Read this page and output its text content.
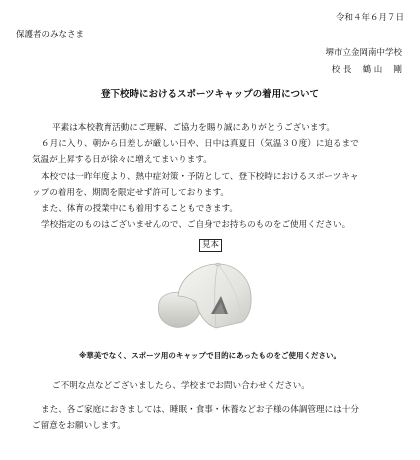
令和４年６月７日
保護者のみなさま
堺市立金岡南中学校
校 長　 鶴 山　 剛
登下校時におけるスポーツキャップの着用について
平素は本校教育活動にご理解、ご協力を賜り誠にありがとうございます。
６月に入り、朝から日差しが厳しい日や、日中は真夏日（気温３０度）に迫るまで
気温が上昇する日が徐々に増えてまいります。
本校では一昨年度より、熱中症対策・予防として、登下校時におけるスポーツキャ
ップの着用を、期間を限定せず許可しております。
また、体育の授業中にも着用することもできます。
学校指定のものはございませんので、ご自身でお持ちのものをご使用ください。
見本
※華美でなく、スポーツ用のキャップで目的にあったものをご使用ください。
ご不明な点などございましたら、学校までお問い合わせください。
また、各ご家庭におきましては、睡眠・食事・休養などお子様の体調管理には十分
ご留意をお願いします。
